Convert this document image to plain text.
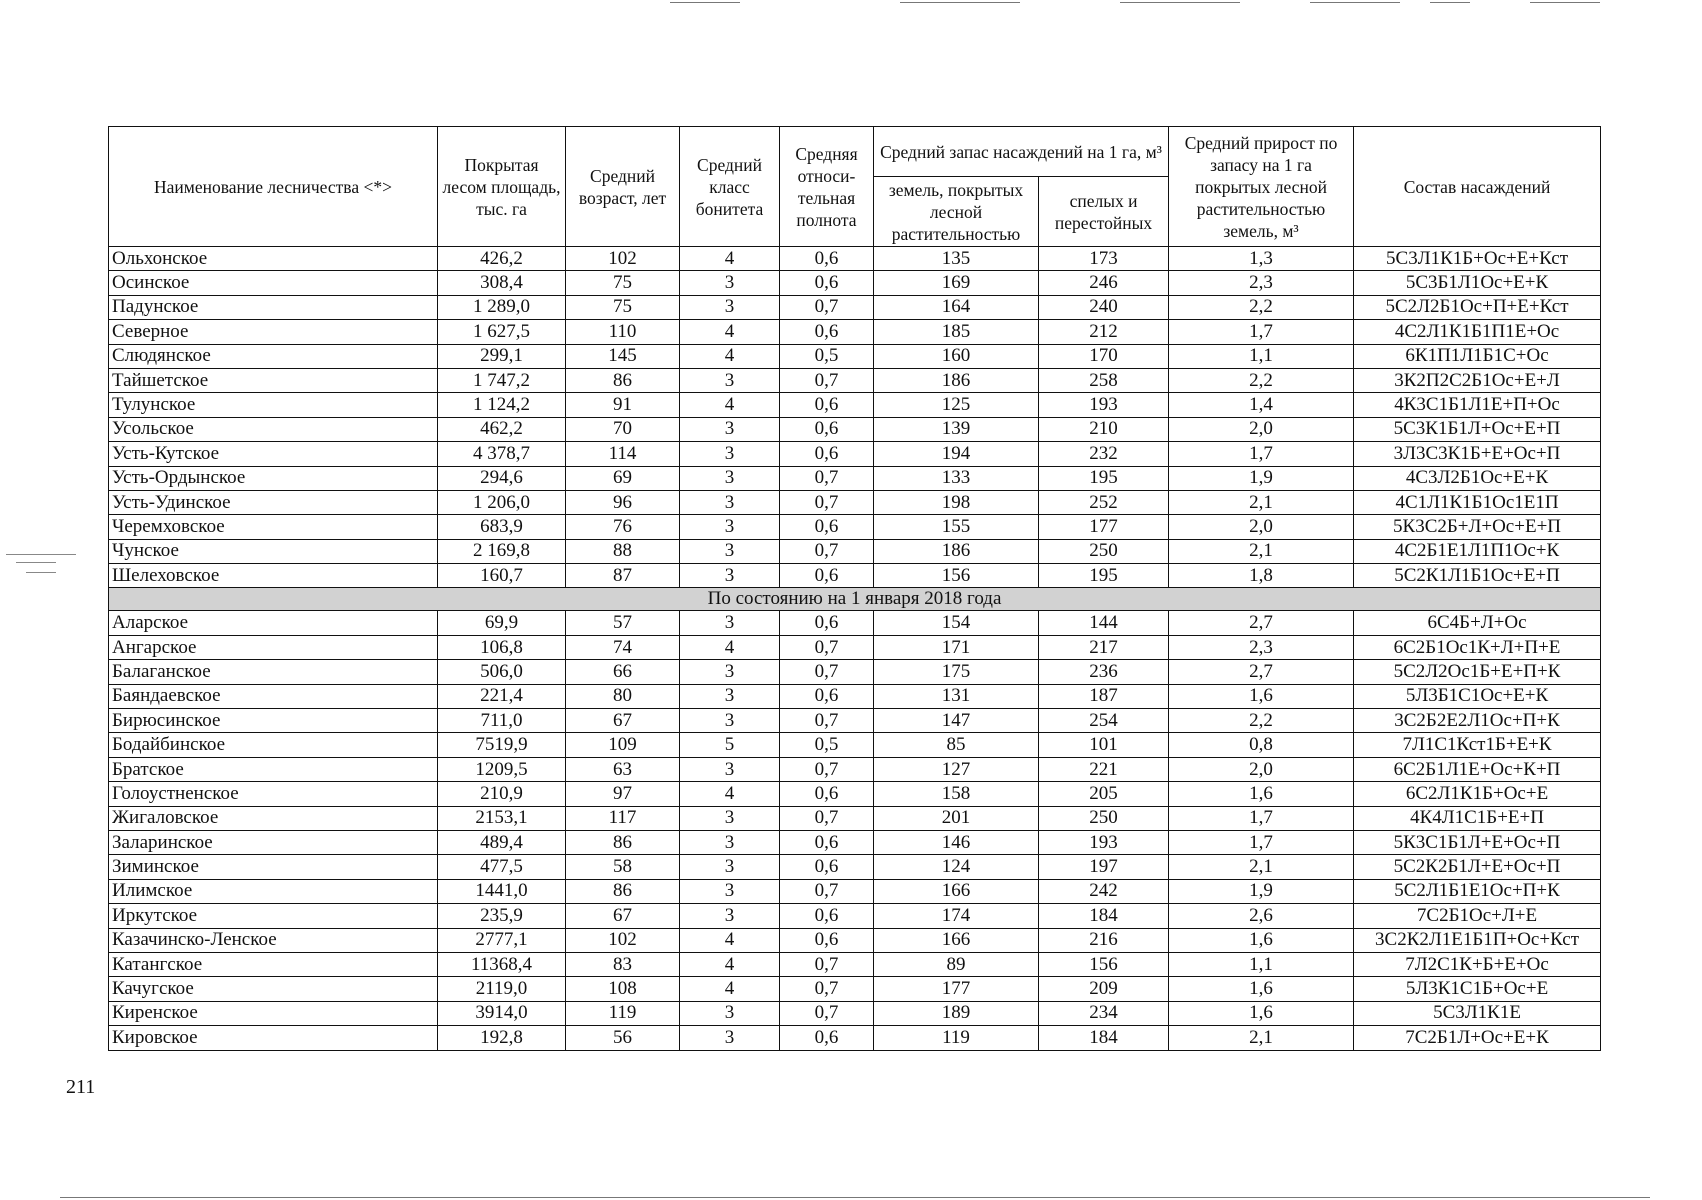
Наименование лесничества <*>	Покрытая лесом площадь, тыс. га	Средний возраст, лет	Средний класс бонитета	Средняя относи-тельная полнота	Средний запас насаждений на 1 га, м³		Средний прирост по запасу на 1 га покрытых лесной растительностью земель, м³	Состав насаждений
					земель, покрытых лесной растительностью	спелых и перестойных		
Ольхонское	426,2	102	4	0,6	135	173	1,3	5С3Л1К1Б+Ос+Е+Кст
Осинское	308,4	75	3	0,6	169	246	2,3	5С3Б1Л1Ос+Е+К
Падунское	1 289,0	75	3	0,7	164	240	2,2	5С2Л2Б1Ос+П+Е+Кст
Северное	1 627,5	110	4	0,6	185	212	1,7	4С2Л1К1Б1П1Е+Ос
Слюдянское	299,1	145	4	0,5	160	170	1,1	6К1П1Л1Б1С+Ос
Тайшетское	1 747,2	86	3	0,7	186	258	2,2	3К2П2С2Б1Ос+Е+Л
Тулунское	1 124,2	91	4	0,6	125	193	1,4	4К3С1Б1Л1Е+П+Ос
Усольское	462,2	70	3	0,6	139	210	2,0	5С3К1Б1Л+Ос+Е+П
Усть-Кутское	4 378,7	114	3	0,6	194	232	1,7	3Л3С3К1Б+Е+Ос+П
Усть-Ордынское	294,6	69	3	0,7	133	195	1,9	4С3Л2Б1Ос+Е+К
Усть-Удинское	1 206,0	96	3	0,7	198	252	2,1	4С1Л1К1Б1Ос1Е1П
Черемховское	683,9	76	3	0,6	155	177	2,0	5К3С2Б+Л+Ос+Е+П
Чунское	2 169,8	88	3	0,7	186	250	2,1	4С2Б1Е1Л1П1Ос+К
Шелеховское	160,7	87	3	0,6	156	195	1,8	5С2К1Л1Б1Ос+Е+П
По состоянию на 1 января 2018 года								
Аларское	69,9	57	3	0,6	154	144	2,7	6С4Б+Л+Ос
Ангарское	106,8	74	4	0,7	171	217	2,3	6С2Б1Ос1К+Л+П+Е
Балаганское	506,0	66	3	0,7	175	236	2,7	5С2Л2Ос1Б+Е+П+К
Баяндаевское	221,4	80	3	0,6	131	187	1,6	5Л3Б1С1Ос+Е+К
Бирюсинское	711,0	67	3	0,7	147	254	2,2	3С2Б2Е2Л1Ос+П+К
Бодайбинское	7519,9	109	5	0,5	85	101	0,8	7Л1С1Кст1Б+Е+К
Братское	1209,5	63	3	0,7	127	221	2,0	6С2Б1Л1Е+Ос+К+П
Голоустненское	210,9	97	4	0,6	158	205	1,6	6С2Л1К1Б+Ос+Е
Жигаловское	2153,1	117	3	0,7	201	250	1,7	4К4Л1С1Б+Е+П
Заларинское	489,4	86	3	0,6	146	193	1,7	5К3С1Б1Л+Е+Ос+П
Зиминское	477,5	58	3	0,6	124	197	2,1	5С2К2Б1Л+Е+Ос+П
Илимское	1441,0	86	3	0,7	166	242	1,9	5С2Л1Б1Е1Ос+П+К
Иркутское	235,9	67	3	0,6	174	184	2,6	7С2Б1Ос+Л+Е
Казачинско-Ленское	2777,1	102	4	0,6	166	216	1,6	3С2К2Л1Е1Б1П+Ос+Кст
Катангское	11368,4	83	4	0,7	89	156	1,1	7Л2С1К+Б+Е+Ос
Качугское	2119,0	108	4	0,7	177	209	1,6	5Л3К1С1Б+Ос+Е
Киренское	3914,0	119	3	0,7	189	234	1,6	5С3Л1К1Е
Кировское	192,8	56	3	0,6	119	184	2,1	7С2Б1Л+Ос+Е+К
211
